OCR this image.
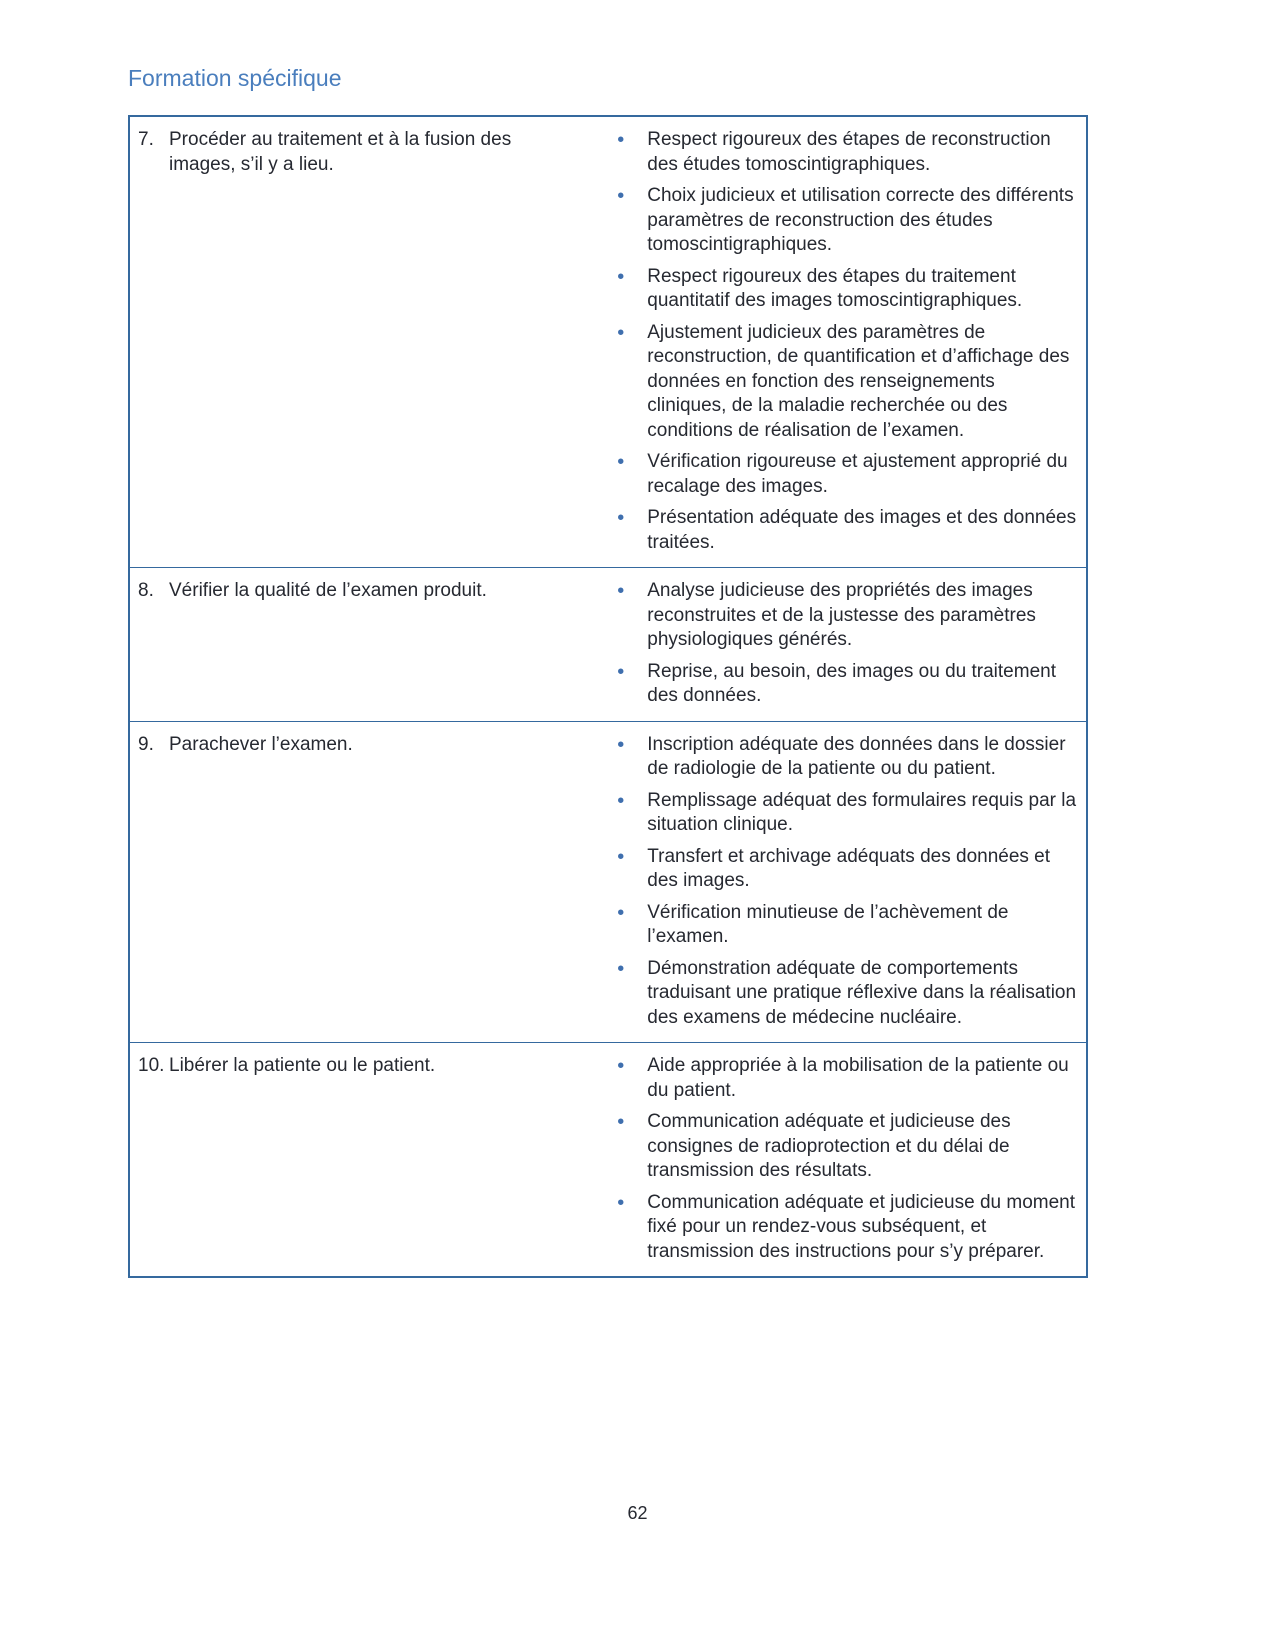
Formation spécifique
7. Procéder au traitement et à la fusion des images, s’il y a lieu.

•	Respect rigoureux des étapes de reconstruction des études tomoscintigraphiques.
•	Choix judicieux et utilisation correcte des différents paramètres de reconstruction des études tomoscintigraphiques.
•	Respect rigoureux des étapes du traitement quantitatif des images tomoscintigraphiques.
•	Ajustement judicieux des paramètres de reconstruction, de quantification et d’affichage des données en fonction des renseignements cliniques, de la maladie recherchée ou des conditions de réalisation de l’examen.
•	Vérification rigoureuse et ajustement approprié du recalage des images.
•	Présentation adéquate des images et des données traitées.

8. Vérifier la qualité de l’examen produit.	•	Analyse judicieuse des propriétés des images reconstruites et de la justesse des paramètres physiologiques générés.
•	Reprise, au besoin, des images ou du traitement des données.

9. Parachever l’examen.	•	Inscription adéquate des données dans le dossier de radiologie de la patiente ou du patient.
•	Remplissage adéquat des formulaires requis par la situation clinique.
•	Transfert et archivage adéquats des données et des images.
•	Vérification minutieuse de l’achèvement de l’examen.
•	Démonstration adéquate de comportements traduisant une pratique réflexive dans la réalisation des examens de médecine nucléaire.

10. Libérer la patiente ou le patient.	•	Aide appropriée à la mobilisation de la patiente ou du patient.
•	Communication adéquate et judicieuse des consignes de radioprotection et du délai de transmission des résultats.
•	Communication adéquate et judicieuse du moment fixé pour un rendez-vous subséquent, et transmission des instructions pour s’y préparer.
62
